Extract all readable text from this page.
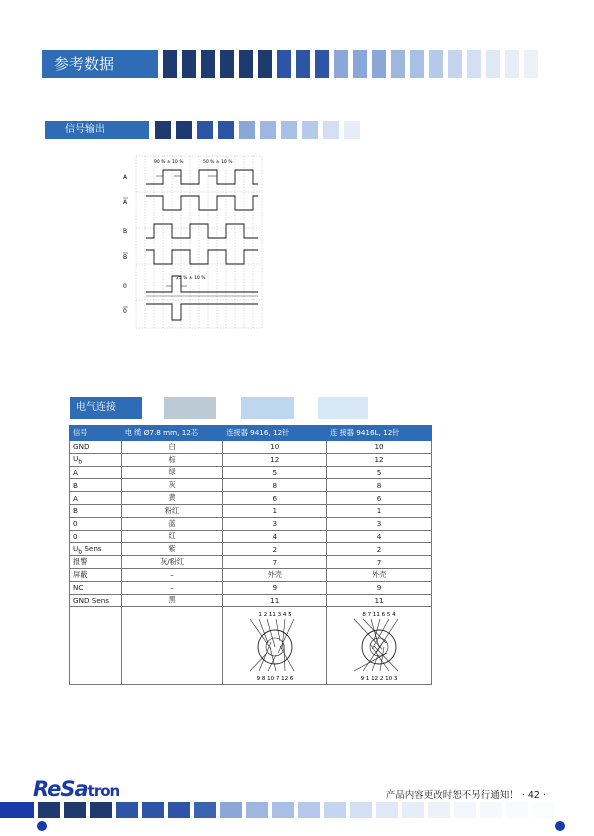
参考数据
信号输出
A
A
B
B
0
0
90 % ± 10 %	50 % ± 10 %
25 % ± 10 %
电气连接
信号	电 缆 Ø7.8 mm, 12芯	连接器 9416, 12针	连 接器 9416L, 12针
GND	白	10	10
$U_b$	棕	12	12
A	绿	5	5
B	灰	8	8
A	黄	6	6
B	粉红	1	1
0	蓝	3	3
0	红	4	4
$U_b$ Sens	紫	2	2
报警	灰/粉红	7	7
屏蔽	–	外壳	外壳
NC	–	9	9
GND Sens	黑	11	11

1 2 11 3 4 5
9 8 10 7 12 6	8 7 11 6 5 4
9 1 12 2 10 3
ReSatron	产品内容更改时恕不另行通知！ · 42 ·
